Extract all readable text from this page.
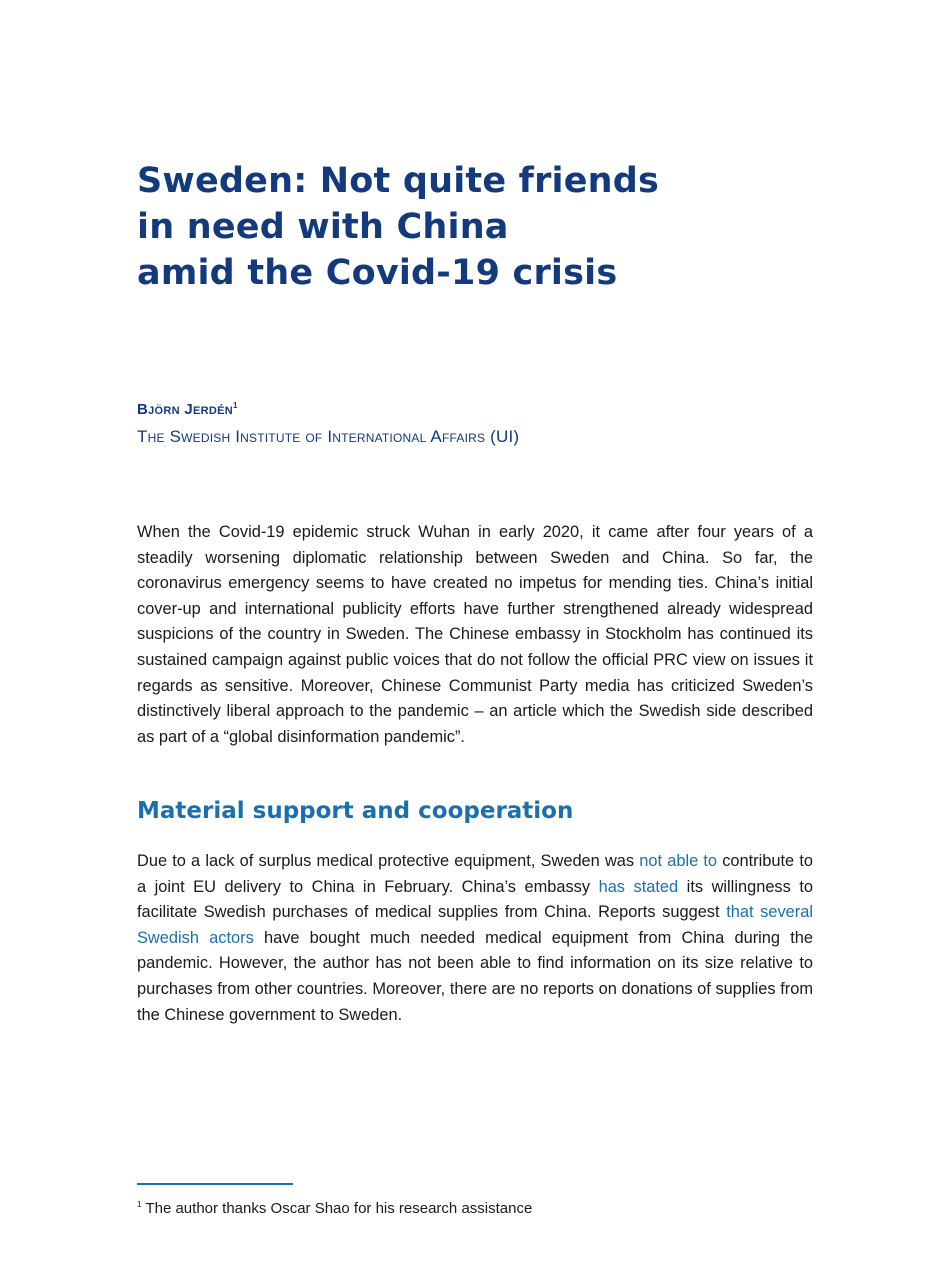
Sweden: Not quite friends
in need with China
amid the Covid-19 crisis
Björn Jerdén$^1$
The Swedish Institute of International Affairs (UI)

When the Covid-19 epidemic struck Wuhan in early 2020, it came after four years of a steadily worsening diplomatic relationship between Sweden and China. So far, the coronavirus emergency seems to have created no impetus for mending ties. China’s initial cover-up and international publicity efforts have further strengthened already widespread suspicions of the country in Sweden. The Chinese embassy in Stockholm has continued its sustained campaign against public voices that do not follow the official PRC view on issues it regards as sensitive. Moreover, Chinese Communist Party media has criticized Sweden’s distinctively liberal approach to the pandemic – an article which the Swedish side described as part of a “global disinformation pandemic”.

Material support and cooperation

Due to a lack of surplus medical protective equipment, Sweden was not able to contribute to a joint EU delivery to China in February. China’s embassy has stated its willingness to facilitate Swedish purchases of medical supplies from China. Reports suggest that several Swedish actors have bought much needed medical equipment from China during the pandemic. However, the author has not been able to find information on its size relative to purchases from other countries. Moreover, there are no reports on donations of supplies from the Chinese government to Sweden.

$^1$ The author thanks Oscar Shao for his research assistance
